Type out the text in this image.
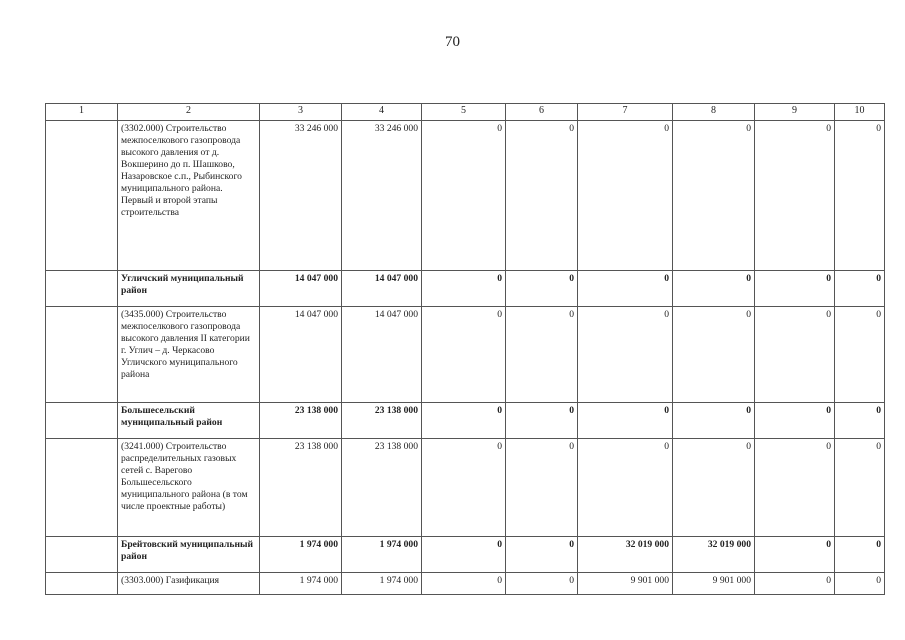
70
1	2	3	4	5	6	7	8	9	10
	(3302.000) Строительство межпоселкового газопровода высокого давления от д. Вокшерино до п. Шашково, Назаровское с.п., Рыбинского муниципального района. Первый и второй этапы строительства	33 246 000	33 246 000	0	0	0	0	0	0
	Угличский муниципальный район	14 047 000	14 047 000	0	0	0	0	0	0
	(3435.000) Строительство межпоселкового газопровода высокого давления II категории г. Углич – д. Черкасово Угличского муниципального района	14 047 000	14 047 000	0	0	0	0	0	0
	Большесельский муниципальный район	23 138 000	23 138 000	0	0	0	0	0	0
	(3241.000) Строительство распределительных газовых сетей с. Варегово Большесельского муниципального района (в том числе проектные работы)	23 138 000	23 138 000	0	0	0	0	0	0
	Брейтовский муниципальный район	1 974 000	1 974 000	0	0	32 019 000	32 019 000	0	0
	(3303.000) Газификация	1 974 000	1 974 000	0	0	9 901 000	9 901 000	0	0
